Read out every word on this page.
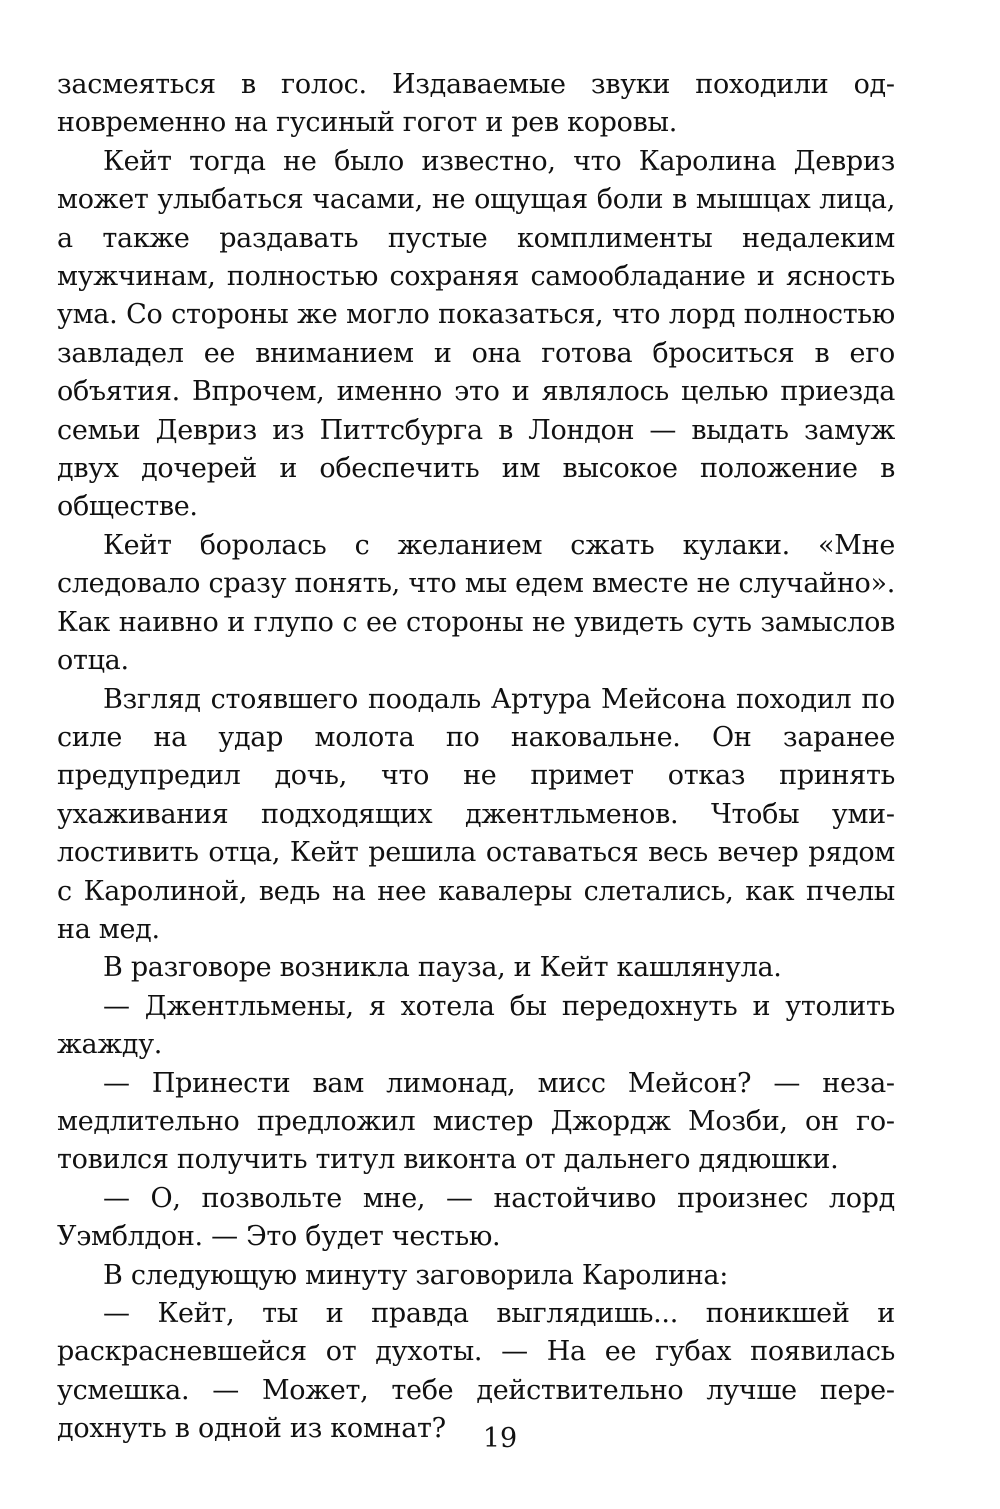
засмеяться в голос. Издаваемые звуки походили одновременно на гусиный гогот и рев коровы.

Кейт тогда не было известно, что Каролина Девриз может улыбаться часами, не ощущая боли в мышцах лица, а также раздавать пустые комплименты недалеким мужчинам, полностью сохраняя самообладание и ясность ума. Со стороны же могло показаться, что лорд полностью завладел ее вниманием и она готова броситься в его объятия. Впрочем, именно это и являлось целью приезда семьи Девриз из Питтсбурга в Лондон — выдать замуж двух дочерей и обеспечить им высокое положение в обществе.

Кейт боролась с желанием сжать кулаки. «Мне следовало сразу понять, что мы едем вместе не случайно». Как наивно и глупо с ее стороны не увидеть суть замыслов отца.

Взгляд стоявшего поодаль Артура Мейсона походил по силе на удар молота по наковальне. Он заранее предупредил дочь, что не примет отказ принять ухаживания подходящих джентльменов. Чтобы умилостивить отца, Кейт решила оставаться весь вечер рядом с Каролиной, ведь на нее кавалеры слетались, как пчелы на мед.

В разговоре возникла пауза, и Кейт кашлянула.

— Джентльмены, я хотела бы передохнуть и утолить жажду.

— Принести вам лимонад, мисс Мейсон? — незамедлительно предложил мистер Джордж Мозби, он готовился получить титул виконта от дальнего дядюшки.

— О, позвольте мне, — настойчиво произнес лорд Уэмблдон. — Это будет честью.

В следующую минуту заговорила Каролина:

— Кейт, ты и правда выглядишь... поникшей и раскрасневшейся от духоты. — На ее губах появилась усмешка. — Может, тебе действительно лучше передохнуть в одной из комнат?	19
